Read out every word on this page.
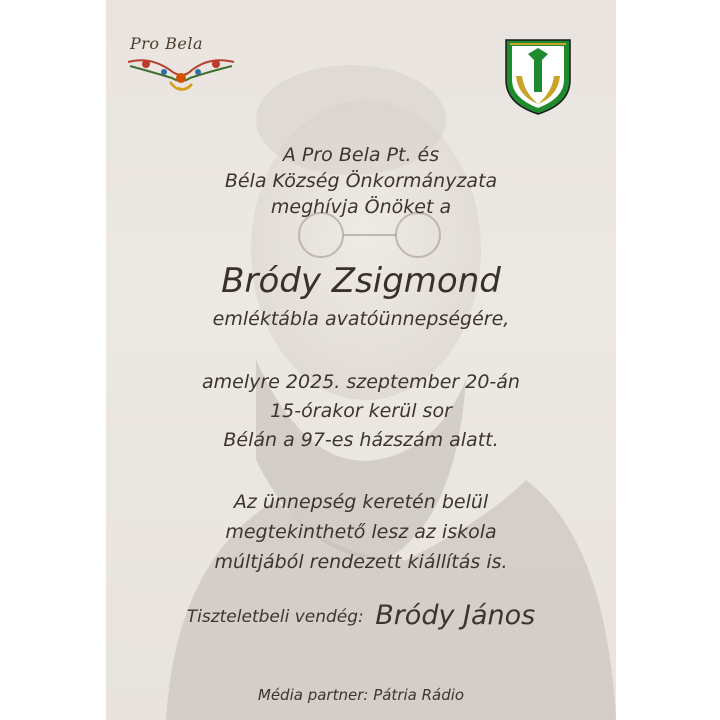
Pro Bela

A Pro Bela Pt. és
Béla Község Önkormányzata
meghívja Önöket a

Bródy Zsigmond

emléktábla avatóünnepségére,

amelyre 2025. szeptember 20-án
15-órakor kerül sor
Bélán a 97-es házszám alatt.

Az ünnepség keretén belül
megtekinthető lesz az iskola
múltjából rendezett kiállítás is.

Tiszteletbeli vendég: Bródy János

Média partner: Pátria Rádio
